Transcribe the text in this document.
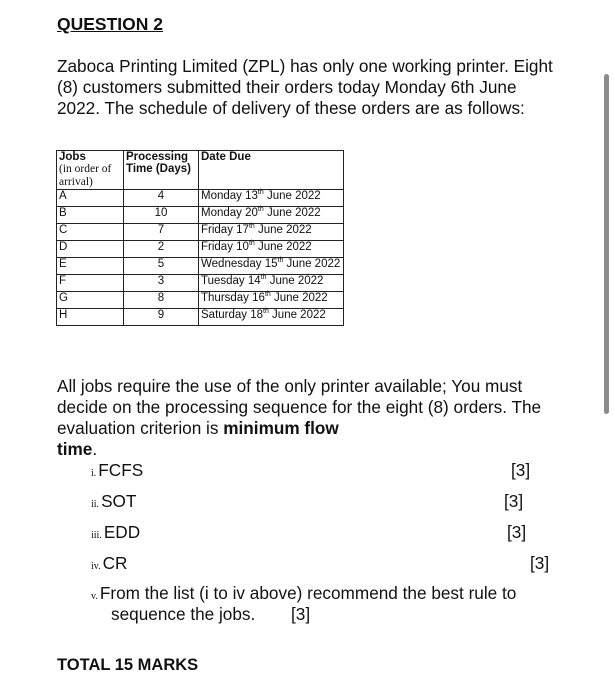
QUESTION 2
Zaboca Printing Limited (ZPL) has only one working printer. Eight (8) customers submitted their orders today Monday 6th June 2022. The schedule of delivery of these orders are as follows:
Jobs
(in order of arrival)	Processing Time (Days)	Date Due
A	4	Monday 13th June 2022
B	10	Monday 20th June 2022
C	7	Friday 17th June 2022
D	2	Friday 10th June 2022
E	5	Wednesday 15th June 2022
F	3	Tuesday 14th June 2022
G	8	Thursday 16th June 2022
H	9	Saturday 18th June 2022
All jobs require the use of the only printer available; You must decide on the processing sequence for the eight (8) orders. The evaluation criterion is minimum flow
time.
i. FCFS	[3]
ii. SOT	[3]
iii. EDD	[3]
iv. CR	[3]
v. From the list (i to iv above) recommend the best rule to
sequence the jobs. [3]
TOTAL 15 MARKS
